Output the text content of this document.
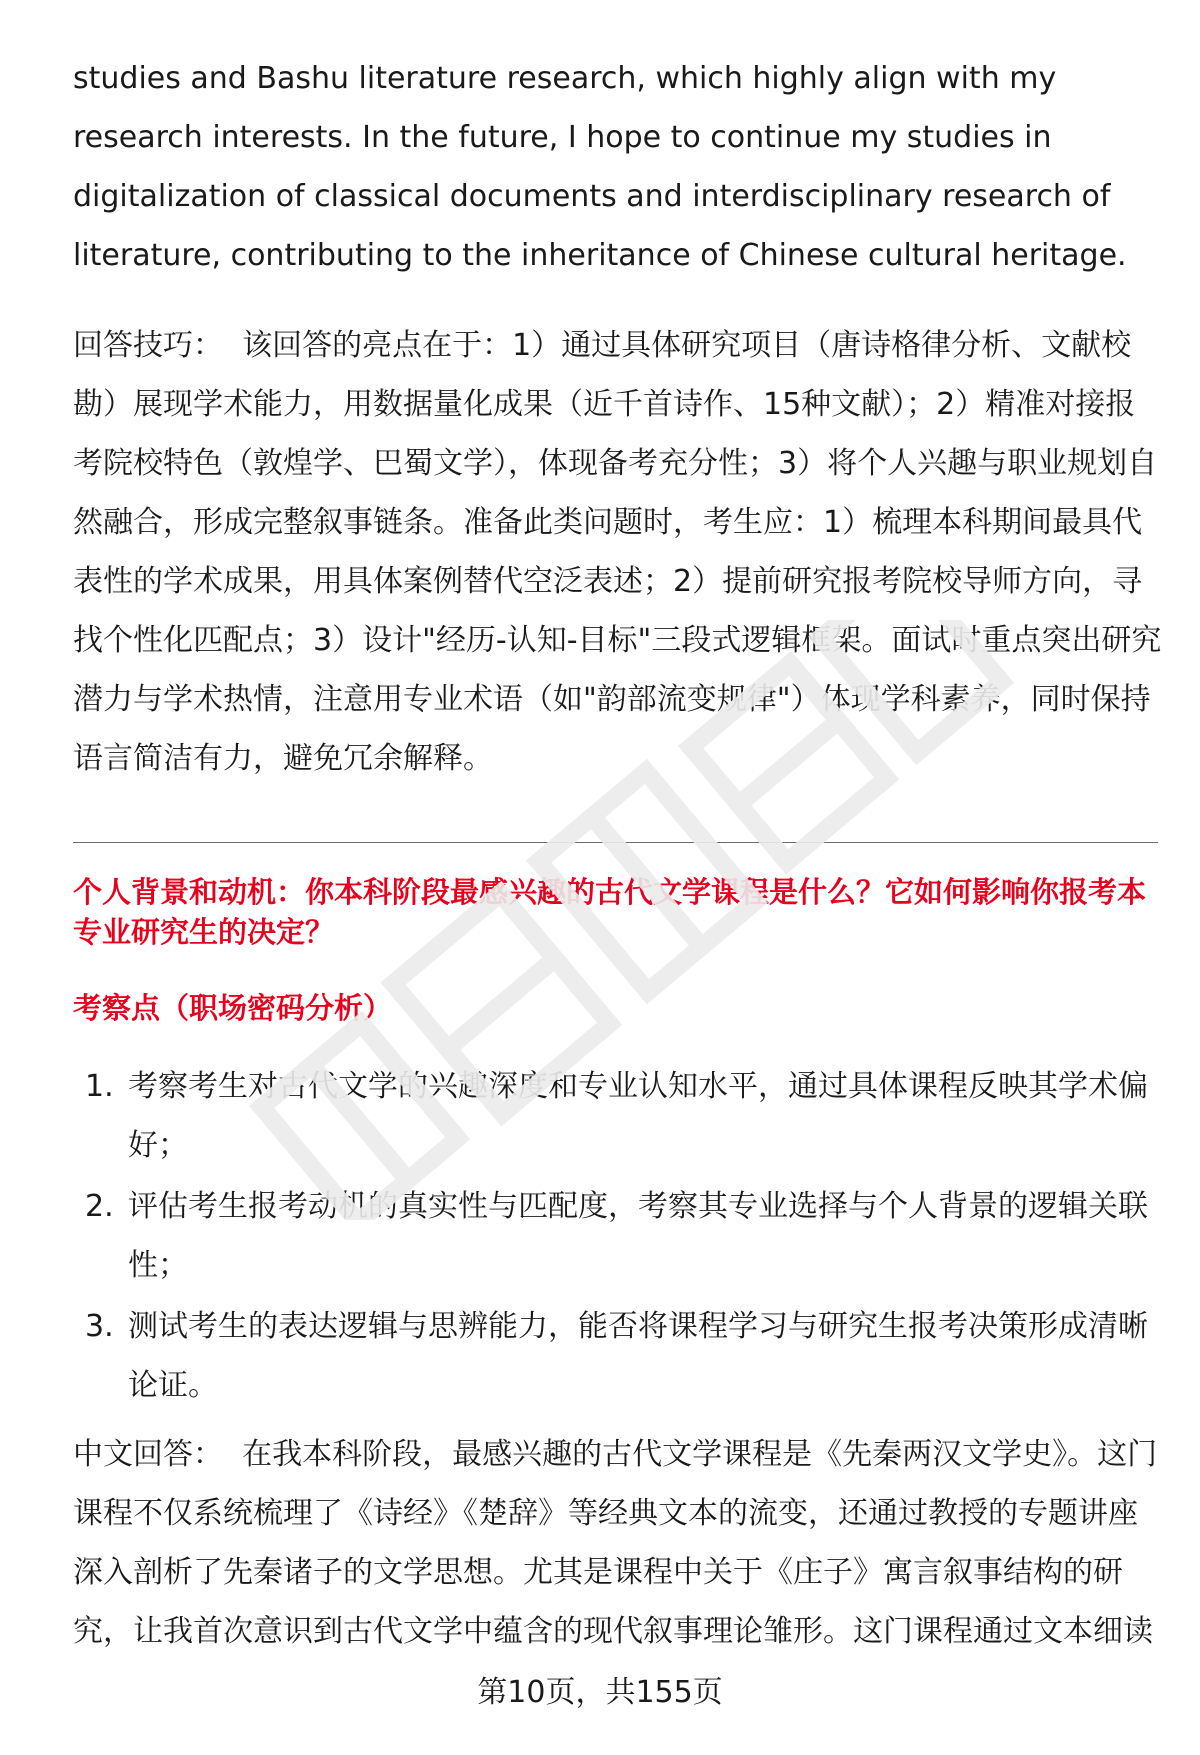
studies and Bashu literature research, which highly align with my research interests. In the future, I hope to continue my studies in digitalization of classical documents and interdisciplinary research of literature, contributing to the inheritance of Chinese cultural heritage.

回答技巧： 该回答的亮点在于：1）通过具体研究项目（唐诗格律分析、文献校勘）展现学术能力，用数据量化成果（近千首诗作、15种文献）；2）精准对接报考院校特色（敦煌学、巴蜀文学），体现备考充分性；3）将个人兴趣与职业规划自然融合，形成完整叙事链条。准备此类问题时，考生应：1）梳理本科期间最具代表性的学术成果，用具体案例替代空泛表述；2）提前研究报考院校导师方向，寻找个性化匹配点；3）设计"经历-认知-目标"三段式逻辑框架。面试时重点突出研究潜力与学术热情，注意用专业术语（如"韵部流变规律"）体现学科素养，同时保持语言简洁有力，避免冗余解释。

个人背景和动机：你本科阶段最感兴趣的古代文学课程是什么？它如何影响你报考本专业研究生的决定？
考察点（职场密码分析）
1. 考察考生对古代文学的兴趣深度和专业认知水平，通过具体课程反映其学术偏好；
2. 评估考生报考动机的真实性与匹配度，考察其专业选择与个人背景的逻辑关联性；
3. 测试考生的表达逻辑与思辨能力，能否将课程学习与研究生报考决策形成清晰论证。

中文回答： 在我本科阶段，最感兴趣的古代文学课程是《先秦两汉文学史》。这门课程不仅系统梳理了《诗经》《楚辞》等经典文本的流变，还通过教授的专题讲座深入剖析了先秦诸子的文学思想。尤其是课程中关于《庄子》寓言叙事结构的研究，让我首次意识到古代文学中蕴含的现代叙事理论雏形。这门课程通过文本细读

第10页，共155页
